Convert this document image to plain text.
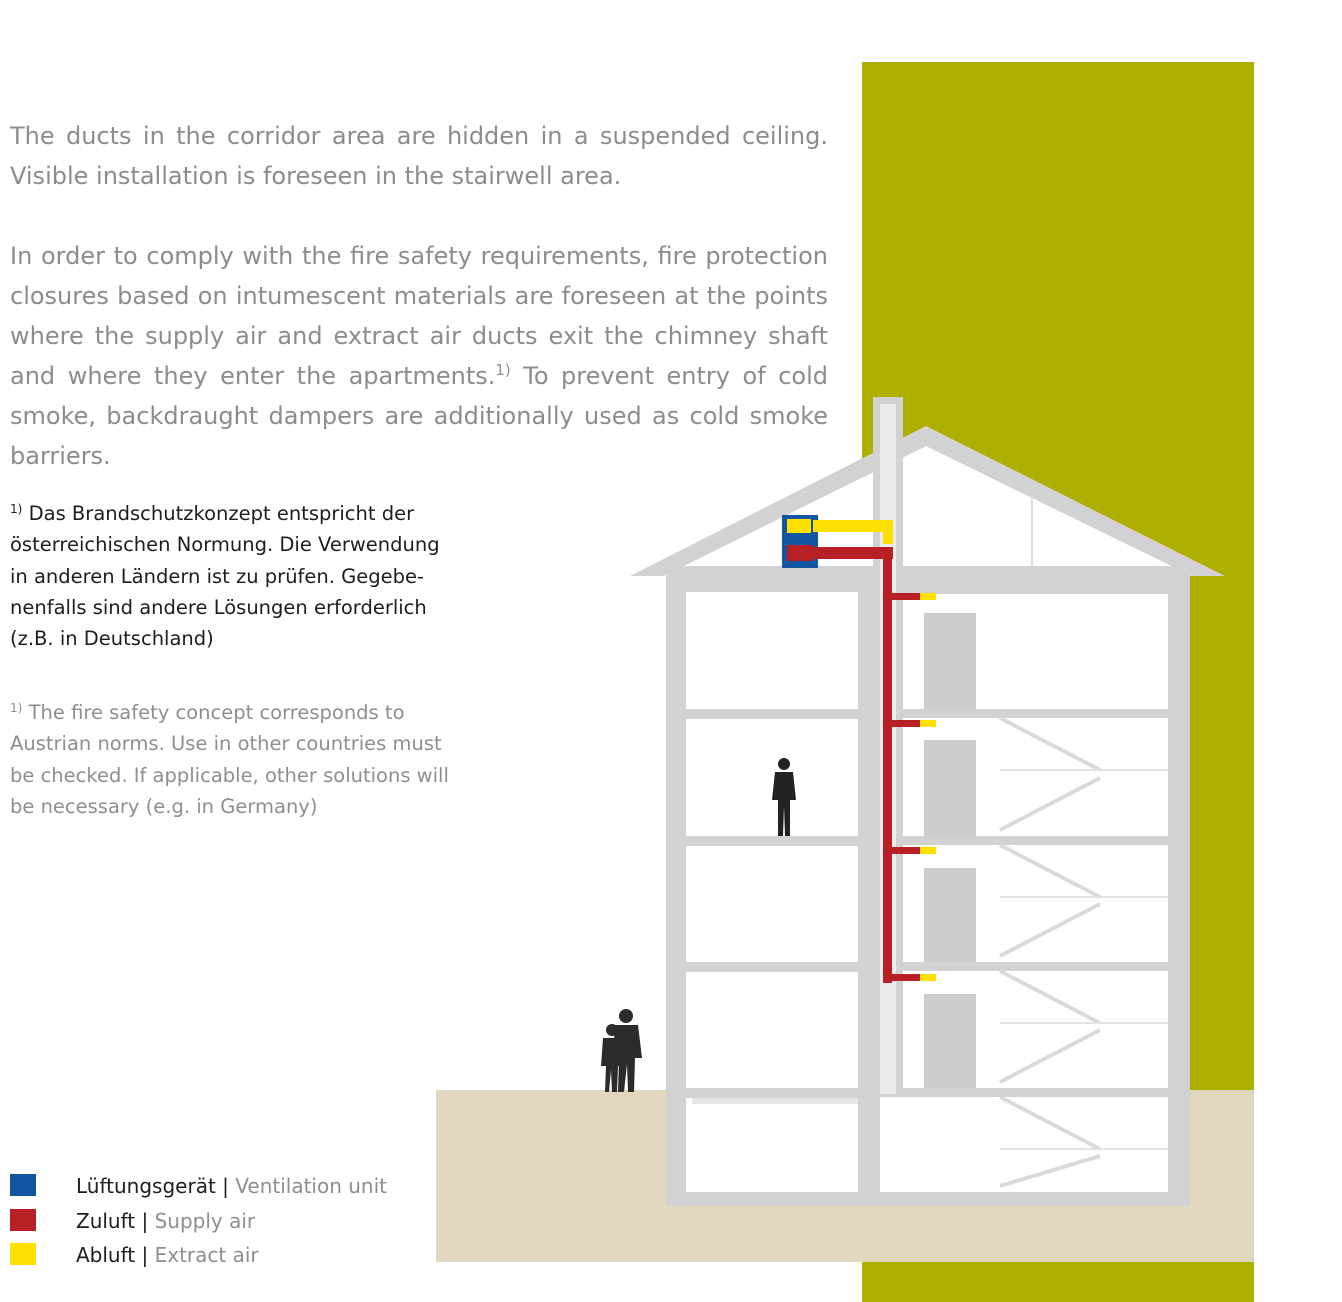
The ducts in the corridor area are hidden in a suspended ceiling. Visible installation is foreseen in the stairwell area.

In order to comply with the fire safety requirements, fire protection closures based on intumescent materials are foreseen at the points where the supply air and extract air ducts exit the chimney shaft and where they enter the apartments.$^{1)}$ To prevent entry of cold smoke, backdraught dampers are additionally used as cold smoke barriers.

$^{1)}$ Das Brandschutzkonzept entspricht der österreichischen Normung. Die Verwendung in anderen Ländern ist zu prüfen. Gegebe-nenfalls sind andere Lösungen erforderlich (z.B. in Deutschland)

$^{1)}$ The fire safety concept corresponds to Austrian norms. Use in other countries must be checked. If applicable, other solutions will be necessary (e.g. in Germany)

Lüftungsgerät | Ventilation unit
Zuluft | Supply air
Abluft | Extract air
